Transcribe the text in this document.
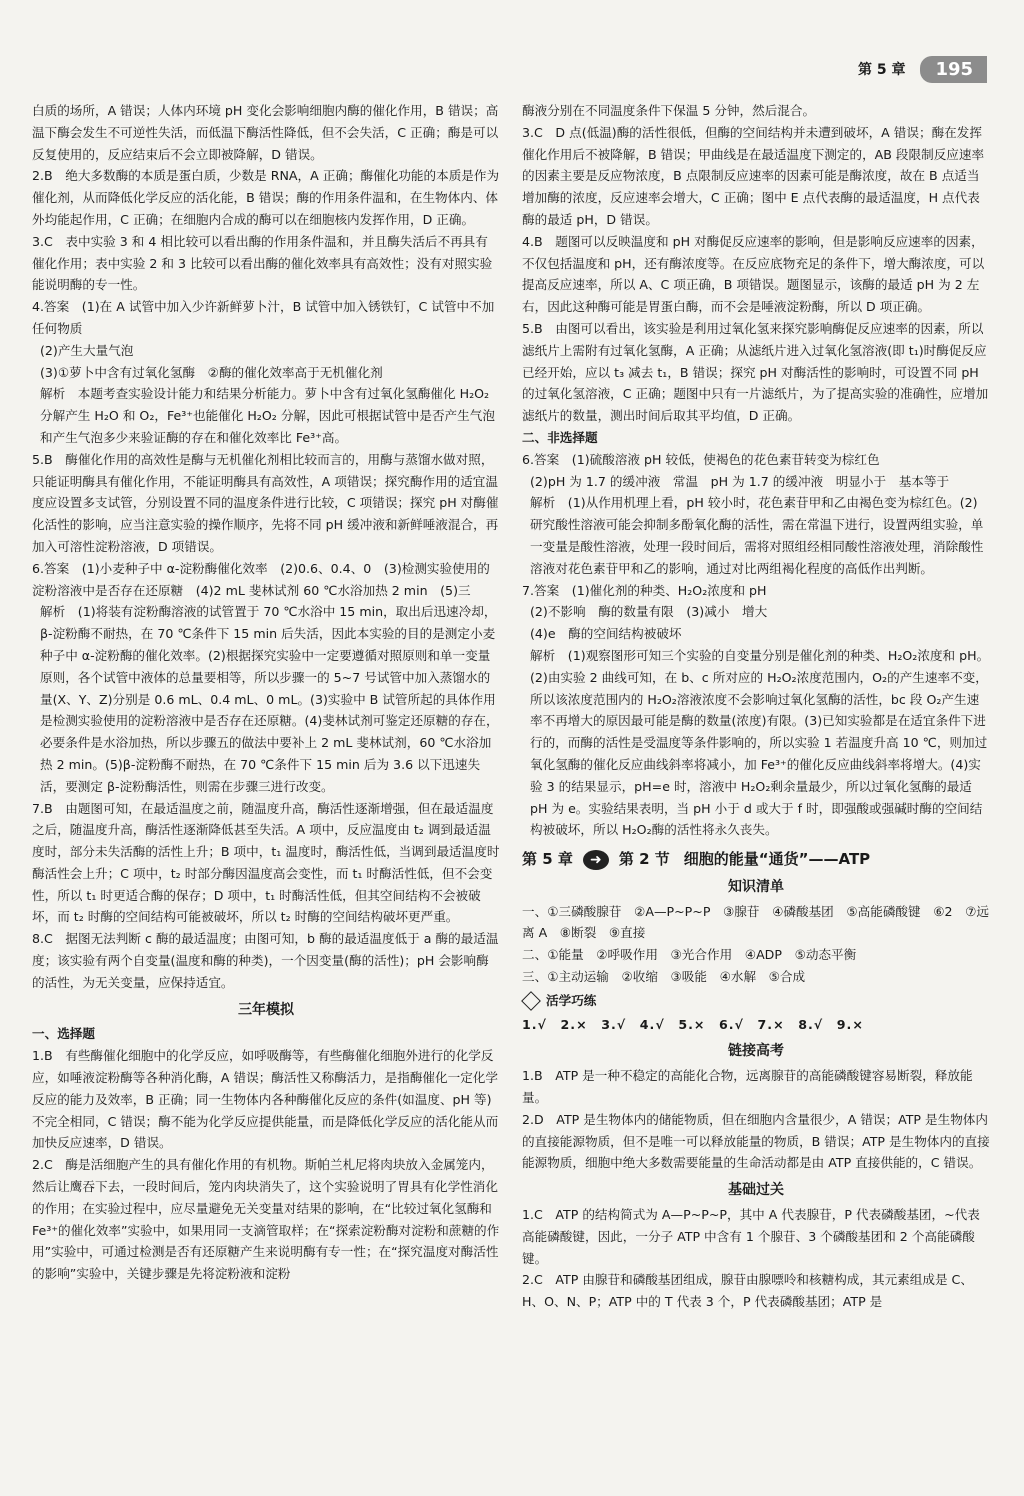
第 5 章	195

白质的场所，A 错误；人体内环境 pH 变化会影响细胞内酶的催化作用，B 错误；高温下酶会发生不可逆性失活，而低温下酶活性降低，但不会失活，C 正确；酶是可以反复使用的，反应结束后不会立即被降解，D 错误。

2.B　绝大多数酶的本质是蛋白质，少数是 RNA，A 正确；酶催化功能的本质是作为催化剂，从而降低化学反应的活化能，B 错误；酶的作用条件温和，在生物体内、体外均能起作用，C 正确；在细胞内合成的酶可以在细胞核内发挥作用，D 正确。

3.C　表中实验 3 和 4 相比较可以看出酶的作用条件温和，并且酶失活后不再具有催化作用；表中实验 2 和 3 比较可以看出酶的催化效率具有高效性；没有对照实验能说明酶的专一性。

4.答案　(1)在 A 试管中加入少许新鲜萝卜汁，B 试管中加入锈铁钉，C 试管中不加任何物质

(2)产生大量气泡

(3)①萝卜中含有过氧化氢酶　②酶的催化效率高于无机催化剂

解析　本题考查实验设计能力和结果分析能力。萝卜中含有过氧化氢酶催化 H₂O₂ 分解产生 H₂O 和 O₂，Fe³⁺也能催化 H₂O₂ 分解，因此可根据试管中是否产生气泡和产生气泡多少来验证酶的存在和催化效率比 Fe³⁺高。

5.B　酶催化作用的高效性是酶与无机催化剂相比较而言的，用酶与蒸馏水做对照，只能证明酶具有催化作用，不能证明酶具有高效性，A 项错误；探究酶作用的适宜温度应设置多支试管，分别设置不同的温度条件进行比较，C 项错误；探究 pH 对酶催化活性的影响，应当注意实验的操作顺序，先将不同 pH 缓冲液和新鲜唾液混合，再加入可溶性淀粉溶液，D 项错误。

6.答案　(1)小麦种子中 α-淀粉酶催化效率　(2)0.6、0.4、0　(3)检测实验使用的淀粉溶液中是否存在还原糖　(4)2 mL 斐林试剂 60 ℃水浴加热 2 min　(5)三

解析　(1)将装有淀粉酶溶液的试管置于 70 ℃水浴中 15 min，取出后迅速冷却，β-淀粉酶不耐热，在 70 ℃条件下 15 min 后失活，因此本实验的目的是测定小麦种子中 α-淀粉酶的催化效率。(2)根据探究实验中一定要遵循对照原则和单一变量原则，各个试管中液体的总量要相等，所以步骤一的 5~7 号试管中加入蒸馏水的量(X、Y、Z)分别是 0.6 mL、0.4 mL、0 mL。(3)实验中 B 试管所起的具体作用是检测实验使用的淀粉溶液中是否存在还原糖。(4)斐林试剂可鉴定还原糖的存在，必要条件是水浴加热，所以步骤五的做法中要补上 2 mL 斐林试剂，60 ℃水浴加热 2 min。(5)β-淀粉酶不耐热，在 70 ℃条件下 15 min 后为 3.6 以下迅速失活，要测定 β-淀粉酶活性，则需在步骤三进行改变。

7.B　由题图可知，在最适温度之前，随温度升高，酶活性逐渐增强，但在最适温度之后，随温度升高，酶活性逐渐降低甚至失活。A 项中，反应温度由 t₂ 调到最适温度时，部分未失活酶的活性上升；B 项中，t₁ 温度时，酶活性低，当调到最适温度时酶活性会上升；C 项中，t₂ 时部分酶因温度高会变性，而 t₁ 时酶活性低，但不会变性，所以 t₁ 时更适合酶的保存；D 项中，t₁ 时酶活性低，但其空间结构不会被破坏，而 t₂ 时酶的空间结构可能被破坏，所以 t₂ 时酶的空间结构破坏更严重。

8.C　据图无法判断 c 酶的最适温度；由图可知，b 酶的最适温度低于 a 酶的最适温度；该实验有两个自变量(温度和酶的种类)，一个因变量(酶的活性)；pH 会影响酶的活性，为无关变量，应保持适宜。

三年模拟

一、选择题

1.B　有些酶催化细胞中的化学反应，如呼吸酶等，有些酶催化细胞外进行的化学反应，如唾液淀粉酶等各种消化酶，A 错误；酶活性又称酶活力，是指酶催化一定化学反应的能力及效率，B 正确；同一生物体内各种酶催化反应的条件(如温度、pH 等)不完全相同，C 错误；酶不能为化学反应提供能量，而是降低化学反应的活化能从而加快反应速率，D 错误。

2.C　酶是活细胞产生的具有催化作用的有机物。斯帕兰札尼将肉块放入金属笼内，然后让鹰吞下去，一段时间后，笼内肉块消失了，这个实验说明了胃具有化学性消化的作用；在实验过程中，应尽量避免无关变量对结果的影响，在“比较过氧化氢酶和 Fe³⁺的催化效率”实验中，如果用同一支滴管取样；在“探索淀粉酶对淀粉和蔗糖的作用”实验中，可通过检测是否有还原糖产生来说明酶有专一性；在“探究温度对酶活性的影响”实验中，关键步骤是先将淀粉液和淀粉

酶液分别在不同温度条件下保温 5 分钟，然后混合。

3.C　D 点(低温)酶的活性很低，但酶的空间结构并未遭到破坏，A 错误；酶在发挥催化作用后不被降解，B 错误；甲曲线是在最适温度下测定的，AB 段限制反应速率的因素主要是反应物浓度，B 点限制反应速率的因素可能是酶浓度，故在 B 点适当增加酶的浓度，反应速率会增大，C 正确；图中 E 点代表酶的最适温度，H 点代表酶的最适 pH，D 错误。

4.B　题图可以反映温度和 pH 对酶促反应速率的影响，但是影响反应速率的因素，不仅包括温度和 pH，还有酶浓度等。在反应底物充足的条件下，增大酶浓度，可以提高反应速率，所以 A、C 项正确，B 项错误。题图显示，该酶的最适 pH 为 2 左右，因此这种酶可能是胃蛋白酶，而不会是唾液淀粉酶，所以 D 项正确。

5.B　由图可以看出，该实验是利用过氧化氢来探究影响酶促反应速率的因素，所以滤纸片上需附有过氧化氢酶，A 正确；从滤纸片进入过氧化氢溶液(即 t₁)时酶促反应已经开始，应以 t₃ 减去 t₁，B 错误；探究 pH 对酶活性的影响时，可设置不同 pH 的过氧化氢溶液，C 正确；题图中只有一片滤纸片，为了提高实验的准确性，应增加滤纸片的数量，测出时间后取其平均值，D 正确。

二、非选择题

6.答案　(1)硫酸溶液 pH 较低，使褐色的花色素苷转变为棕红色

(2)pH 为 1.7 的缓冲液　常温　pH 为 1.7 的缓冲液　明显小于　基本等于

解析　(1)从作用机理上看，pH 较小时，花色素苷甲和乙由褐色变为棕红色。(2)研究酸性溶液可能会抑制多酚氧化酶的活性，需在常温下进行，设置两组实验，单一变量是酸性溶液，处理一段时间后，需将对照组经相同酸性溶液处理，消除酸性溶液对花色素苷甲和乙的影响，通过对比两组褐化程度的高低作出判断。

7.答案　(1)催化剂的种类、H₂O₂浓度和 pH

(2)不影响　酶的数量有限　(3)减小　增大

(4)e　酶的空间结构被破坏

解析　(1)观察图形可知三个实验的自变量分别是催化剂的种类、H₂O₂浓度和 pH。(2)由实验 2 曲线可知，在 b、c 所对应的 H₂O₂浓度范围内，O₂的产生速率不变，所以该浓度范围内的 H₂O₂溶液浓度不会影响过氧化氢酶的活性，bc 段 O₂产生速率不再增大的原因最可能是酶的数量(浓度)有限。(3)已知实验都是在适宜条件下进行的，而酶的活性是受温度等条件影响的，所以实验 1 若温度升高 10 ℃，则加过氧化氢酶的催化反应曲线斜率将减小，加 Fe³⁺的催化反应曲线斜率将增大。(4)实验 3 的结果显示，pH=e 时，溶液中 H₂O₂剩余量最少，所以过氧化氢酶的最适 pH 为 e。实验结果表明，当 pH 小于 d 或大于 f 时，即强酸或强碱时酶的空间结构被破坏，所以 H₂O₂酶的活性将永久丧失。

第 5 章	➜	第 2 节 细胞的能量“通货”——ATP
知识清单

一、①三磷酸腺苷　②A—P~P~P　③腺苷　④磷酸基团　⑤高能磷酸键　⑥2　⑦远离 A　⑧断裂　⑨直接

二、①能量　②呼吸作用　③光合作用　④ADP　⑤动态平衡

三、①主动运输　②收缩　③吸能　④水解　⑤合成

活学巧练

1.√　2.×　3.√　4.√　5.×　6.√　7.×　8.√　9.×

链接高考

1.B　ATP 是一种不稳定的高能化合物，远离腺苷的高能磷酸键容易断裂，释放能量。

2.D　ATP 是生物体内的储能物质，但在细胞内含量很少，A 错误；ATP 是生物体内的直接能源物质，但不是唯一可以释放能量的物质，B 错误；ATP 是生物体内的直接能源物质，细胞中绝大多数需要能量的生命活动都是由 ATP 直接供能的，C 错误。

基础过关

1.C　ATP 的结构简式为 A—P~P~P，其中 A 代表腺苷，P 代表磷酸基团，~代表高能磷酸键，因此，一分子 ATP 中含有 1 个腺苷、3 个磷酸基团和 2 个高能磷酸键。

2.C　ATP 由腺苷和磷酸基团组成，腺苷由腺嘌呤和核糖构成，其元素组成是 C、H、O、N、P；ATP 中的 T 代表 3 个，P 代表磷酸基团；ATP 是
